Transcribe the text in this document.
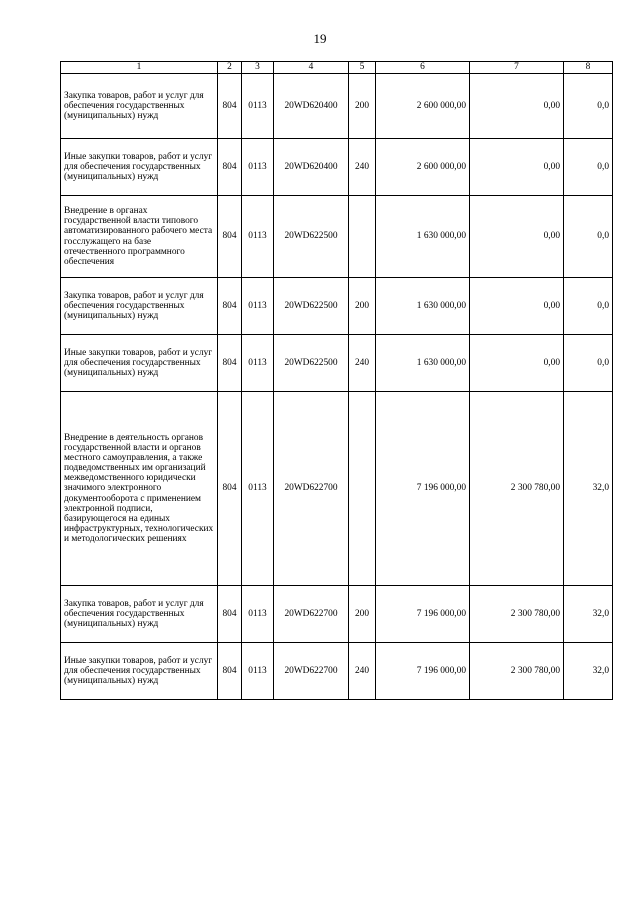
19
1	2	3	4	5	6	7	8
Закупка товаров, работ и услуг для обеспечения государственных (муниципальных) нужд	804	0113	20WD620400	200	2 600 000,00	0,00	0,0
Иные закупки товаров, работ и услуг для обеспечения государственных (муниципальных) нужд	804	0113	20WD620400	240	2 600 000,00	0,00	0,0
Внедрение в органах государственной власти типового автоматизированного рабочего места госслужащего на базе отечественного программного обеспечения	804	0113	20WD622500		1 630 000,00	0,00	0,0
Закупка товаров, работ и услуг для обеспечения государственных (муниципальных) нужд	804	0113	20WD622500	200	1 630 000,00	0,00	0,0
Иные закупки товаров, работ и услуг для обеспечения государственных (муниципальных) нужд	804	0113	20WD622500	240	1 630 000,00	0,00	0,0
Внедрение в деятельность органов государственной власти и органов местного самоуправления, а также подведомственных им организаций межведомственного юридически значимого электронного документооборота с применением электронной подписи, базирующегося на единых инфраструктурных, технологических и методологических решениях	804	0113	20WD622700		7 196 000,00	2 300 780,00	32,0
Закупка товаров, работ и услуг для обеспечения государственных (муниципальных) нужд	804	0113	20WD622700	200	7 196 000,00	2 300 780,00	32,0
Иные закупки товаров, работ и услуг для обеспечения государственных (муниципальных) нужд	804	0113	20WD622700	240	7 196 000,00	2 300 780,00	32,0
